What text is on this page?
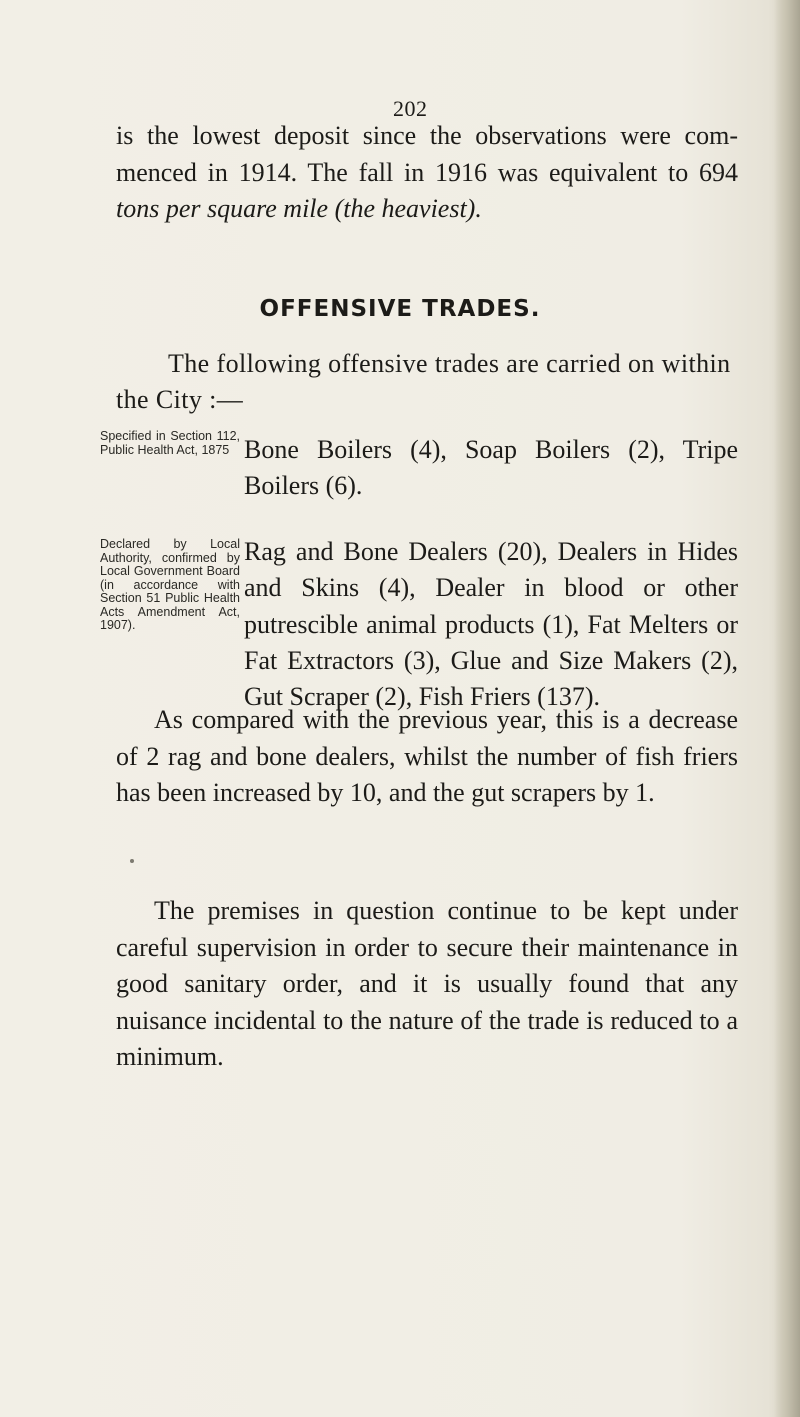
202

is the lowest deposit since the observations were commenced in 1914. The fall in 1916 was equivalent to 694 tons per square mile (the heaviest).

OFFENSIVE TRADES.

The following offensive trades are carried on within the City :—

Specified in Section 112, Public Health Act, 1875 Bone Boilers (4), Soap Boilers (2), Tripe Boilers (6).

Declared by Local Authority, confirmed by Local Government Board (in accordance with Section 51 Public Health Acts Amendment Act, 1907).

Rag and Bone Dealers (20), Dealers in Hides and Skins (4), Dealer in blood or other putrescible animal products (1), Fat Melters or Fat Extractors (3), Glue and Size Makers (2), Gut Scraper (2), Fish Friers (137).

As compared with the previous year, this is a decrease of 2 rag and bone dealers, whilst the number of fish friers has been increased by 10, and the gut scrapers by 1.

The premises in question continue to be kept under careful supervision in order to secure their maintenance in good sanitary order, and it is usually found that any nuisance incidental to the nature of the trade is reduced to a minimum.
